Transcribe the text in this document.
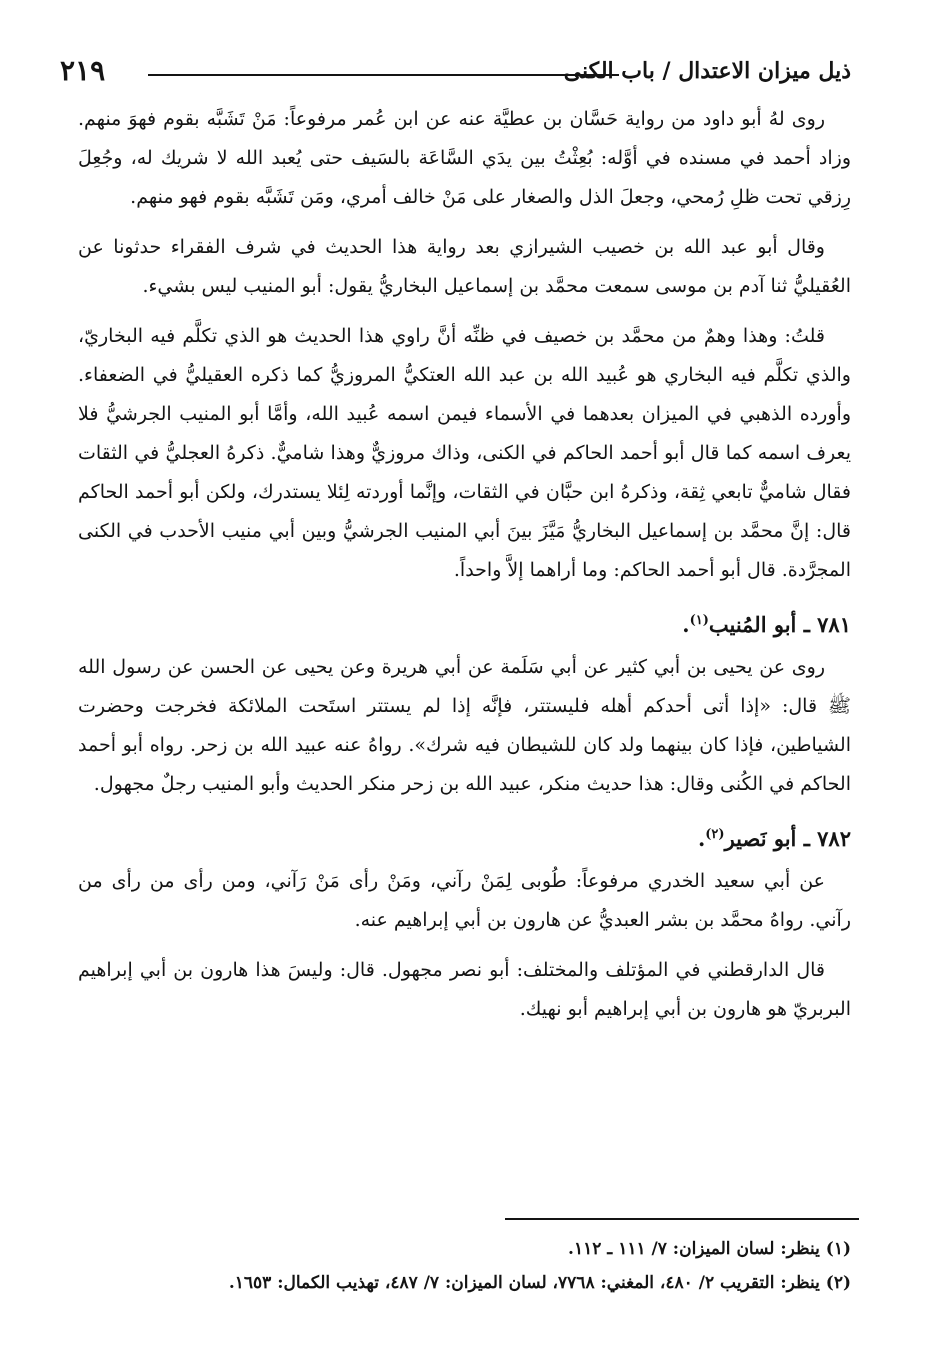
ذيل ميزان الاعتدال / باب الكنى
٢١٩

روى لهُ أبو داود من رواية حَسَّان بن عطيَّة عنه عن ابن عُمر مرفوعاً: مَنْ تَشَبَّه بقوم فهوَ منهم. وزاد أحمد في مسنده في أوَّله: بُعِثْتُ بين يدَي السَّاعَة بالسَيف حتى يُعبد الله لا شريك له، وجُعِلَ رِزقي تحت ظلِ رُمحي، وجعلَ الذل والصغار على مَنْ خالف أمري، ومَن تَشَبَّه بقوم فهو منهم.

وقال أبو عبد الله بن خصيب الشيرازي بعد رواية هذا الحديث في شرف الفقراء حدثونا عن العُقيليُّ ثنا آدم بن موسى سمعت محمَّد بن إسماعيل البخاريُّ يقول: أبو المنيب ليس بشيء.

قلتُ: وهذا وهمٌ من محمَّد بن خصيف في ظنِّه أنَّ راوي هذا الحديث هو الذي تكلَّم فيه البخاريّ، والذي تكلَّم فيه البخاري هو عُبيد الله بن عبد الله العتكيُّ المروزيُّ كما ذكره العقيليُّ في الضعفاء. وأورده الذهبي في الميزان بعدهما في الأسماء فيمن اسمه عُبيد الله، وأمَّا أبو المنيب الجرشيُّ فلا يعرف اسمه كما قال أبو أحمد الحاكم في الكنى، وذاك مروزيٌّ وهذا شاميٌّ. ذكرهُ العجليُّ في الثقات فقال شاميٌّ تابعي ثِقة، وذكرهُ ابن حبَّان في الثقات، وإنَّما أوردته لِئلا يستدرك، ولكن أبو أحمد الحاكم قال: إنَّ محمَّد بن إسماعيل البخاريُّ مَيَّزَ بينَ أبي المنيب الجرشيُّ وبين أبي منيب الأحدب في الكنى المجرَّدة. قال أبو أحمد الحاكم: وما أراهما إلاَّ واحداً.

٧٨١ ـ أبو المُنيب$^{(١)}$.

روى عن يحيى بن أبي كثير عن أبي سَلَمة عن أبي هريرة وعن يحيى عن الحسن عن رسول الله ﷺ قال: «إذا أتى أحدكم أهله فليستتر، فإنَّه إذا لم يستتر استَحت الملائكة فخرجت وحضرت الشياطين، فإذا كان بينهما ولد كان للشيطان فيه شرك». رواهُ عنه عبيد الله بن زحر. رواه أبو أحمد الحاكم في الكُنى وقال: هذا حديث منكر، عبيد الله بن زحر منكر الحديث وأبو المنيب رجلٌ مجهول.

٧٨٢ ـ أبو نَصير$^{(٢)}$.

عن أبي سعيد الخدري مرفوعاً: طُوبى لِمَنْ رآني، ومَنْ رأى مَنْ رَآني، ومن رأى من رأى من رآني. رواهُ محمَّد بن بشر العبديُّ عن هارون بن أبي إبراهيم عنه.

قال الدارقطني في المؤتلف والمختلف: أبو نصر مجهول. قال: وليسَ هذا هارون بن أبي إبراهيم البربريّ هو هارون بن أبي إبراهيم أبو نهيك.

(١) ينظر: لسان الميزان: ٧/ ١١١ ـ ١١٢.

(٢) ينظر: التقريب ٢/ ٤٨٠، المغني: ٧٧٦٨، لسان الميزان: ٧/ ٤٨٧، تهذيب الكمال: ١٦٥٣.
